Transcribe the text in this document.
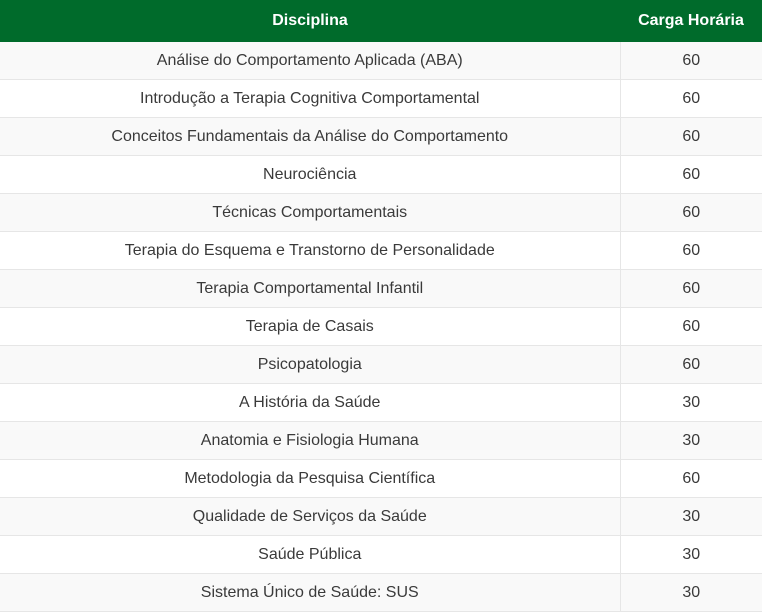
Disciplina	Carga Horária
Análise do Comportamento Aplicada (ABA)	60
Introdução a Terapia Cognitiva Comportamental	60
Conceitos Fundamentais da Análise do Comportamento	60
Neurociência	60
Técnicas Comportamentais	60
Terapia do Esquema e Transtorno de Personalidade	60
Terapia Comportamental Infantil	60
Terapia de Casais	60
Psicopatologia	60
A História da Saúde	30
Anatomia e Fisiologia Humana	30
Metodologia da Pesquisa Científica	60
Qualidade de Serviços da Saúde	30
Saúde Pública	30
Sistema Único de Saúde: SUS	30
